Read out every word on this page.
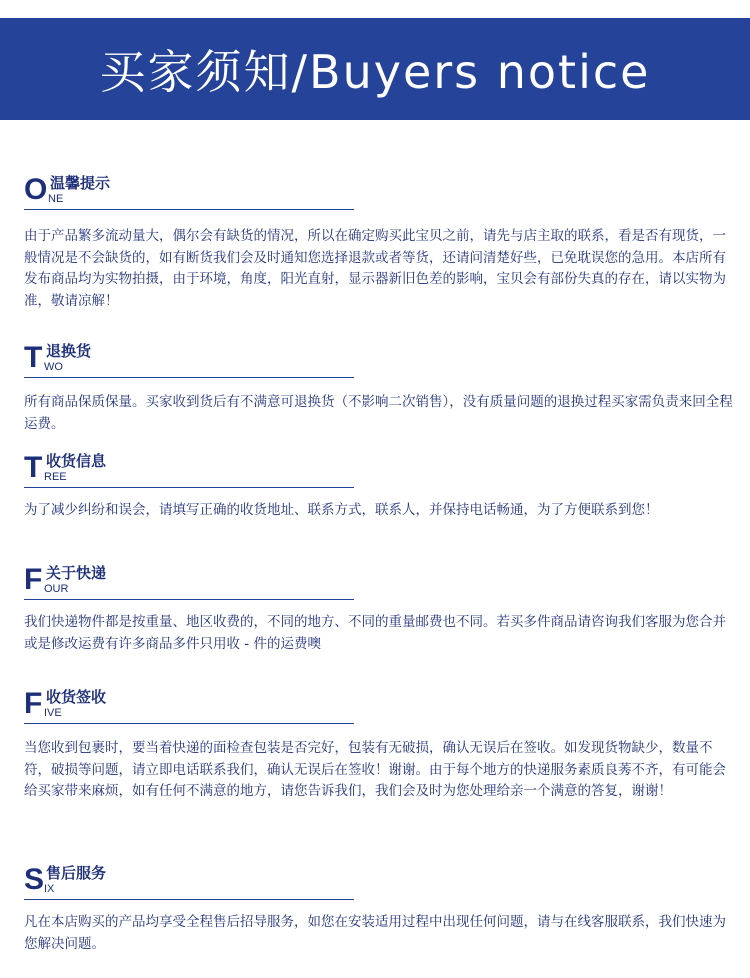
买家须知/Buyers notice
O 温馨提示
NE

由于产品繁多流动量大，偶尔会有缺货的情况，所以在确定购买此宝贝之前，请先与店主取的联系，看是否有现货，一般情况是不会缺货的，如有断货我们会及时通知您选择退款或者等货，还请问清楚好些，已免耽误您的急用。本店所有发布商品均为实物拍摄，由于环境，角度，阳光直射，显示器新旧色差的影响，宝贝会有部份失真的存在，请以实物为准，敬请凉解！

T 退换货
WO

所有商品保质保量。买家收到货后有不满意可退换货（不影响二次销售），没有质量问题的退换过程买家需负责来回全程运费。

T 收货信息
REE

为了减少纠纷和误会，请填写正确的收货地址、联系方式，联系人，并保持电话畅通，为了方便联系到您！

F 关于快递
OUR

我们快递物件都是按重量、地区收费的，不同的地方、不同的重量邮费也不同。若买多件商品请咨询我们客服为您合并或是修改运费有许多商品多件只用收 - 件的运费噢

F 收货签收
IVE

当您收到包裹时，要当着快递的面检查包装是否完好，包装有无破损，确认无误后在签收。如发现货物缺少，数量不符，破损等问题，请立即电话联系我们，确认无误后在签收！谢谢。由于每个地方的快递服务素质良莠不齐，有可能会给买家带来麻烦，如有任何不满意的地方，请您告诉我们，我们会及时为您处理给亲一个满意的答复，谢谢！

S 售后服务
IX

凡在本店购买的产品均享受全程售后招导服务，如您在安装适用过程中出现任何问题，请与在线客服联系，我们快速为您解决问题。
